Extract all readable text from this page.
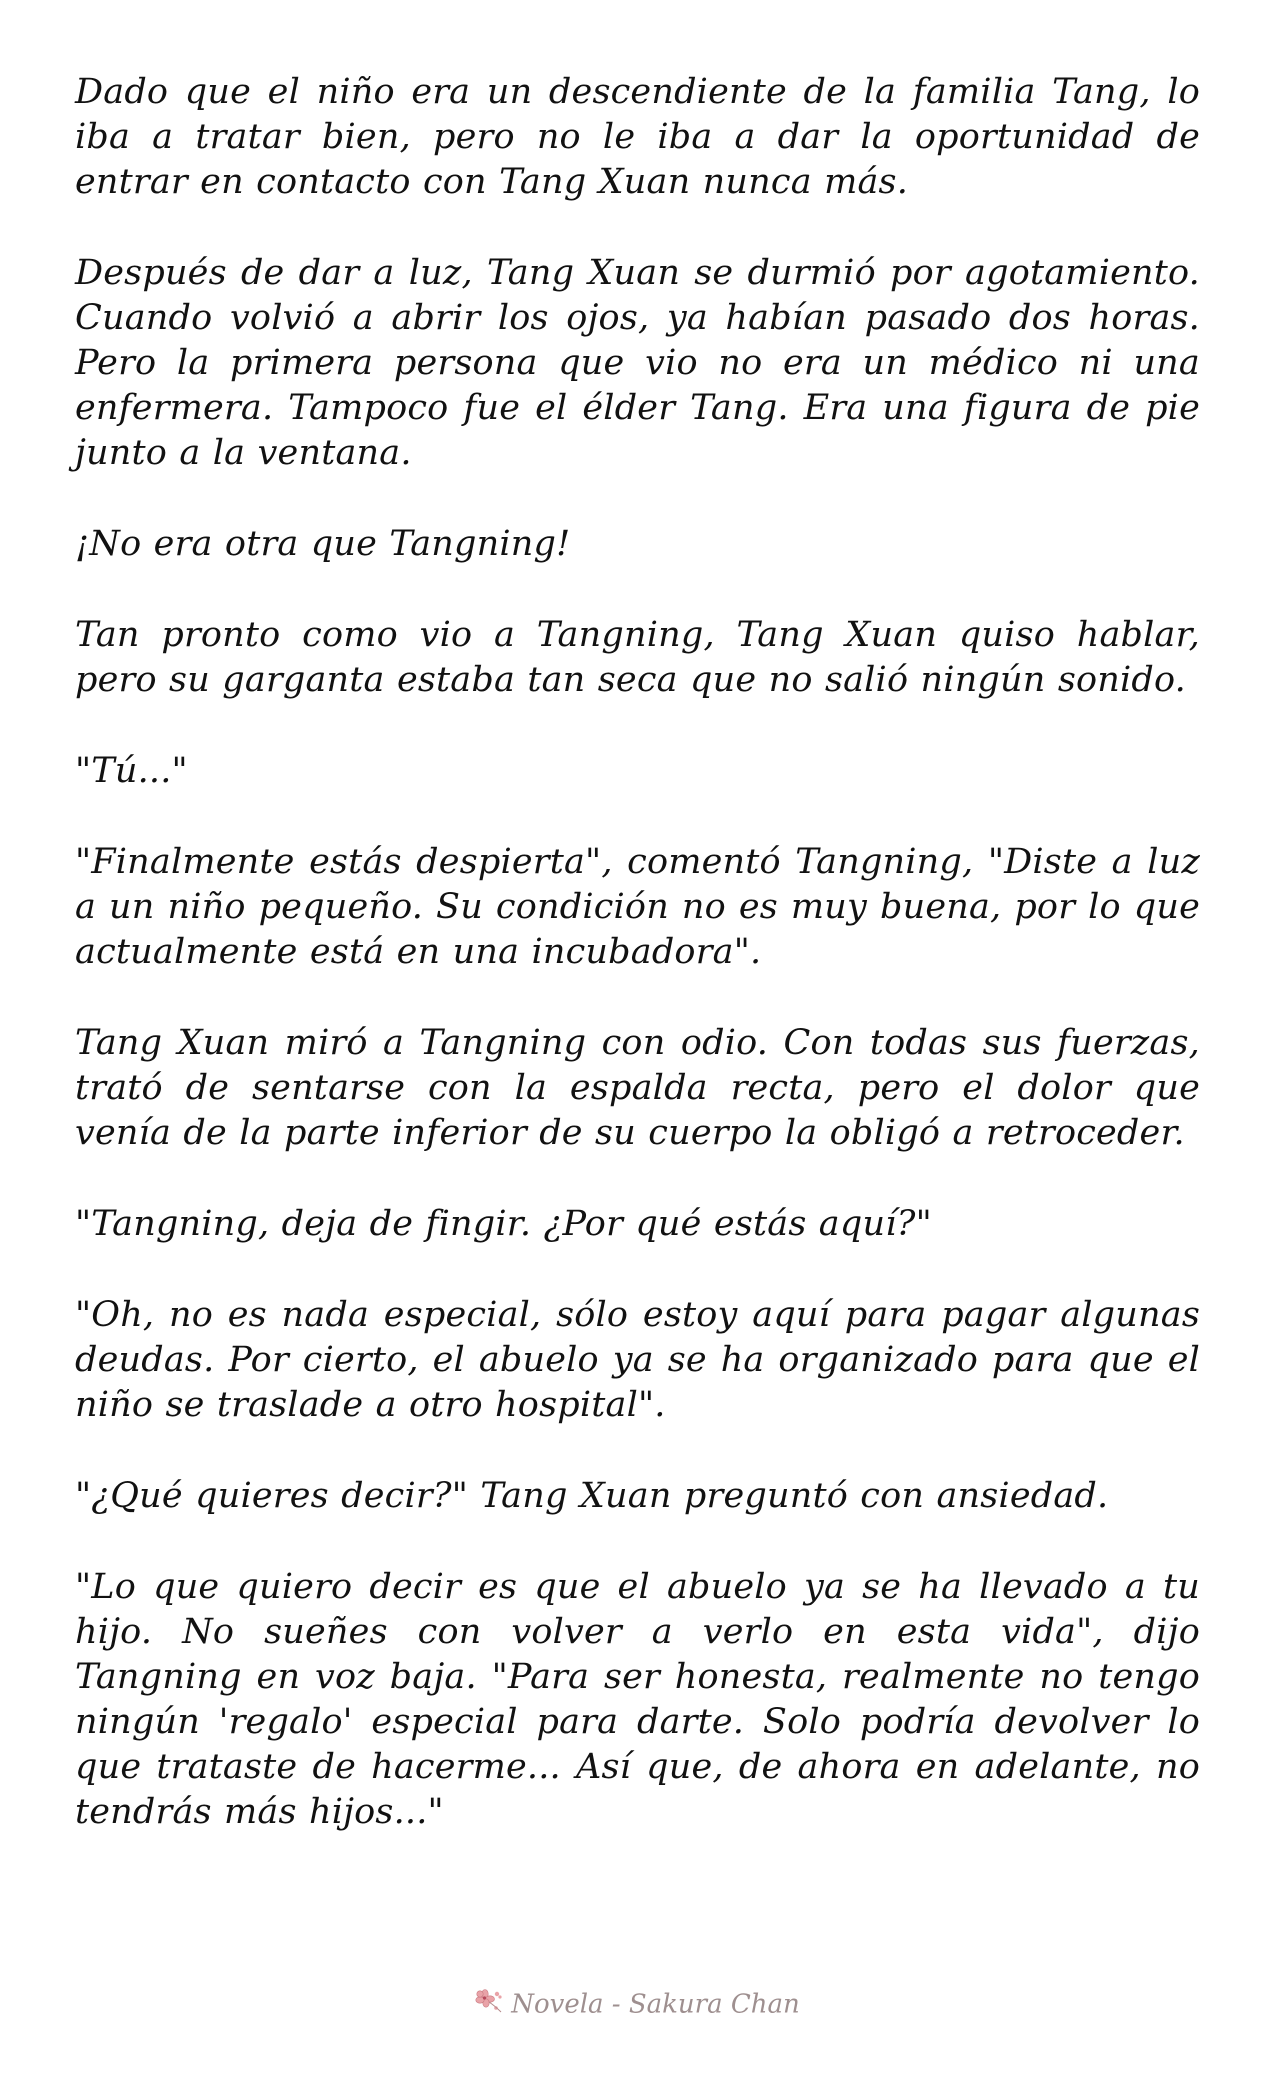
Dado que el niño era un descendiente de la familia Tang, lo iba a tratar bien, pero no le iba a dar la oportunidad de entrar en contacto con Tang Xuan nunca más.

Después de dar a luz, Tang Xuan se durmió por agotamiento. Cuando volvió a abrir los ojos, ya habían pasado dos horas. Pero la primera persona que vio no era un médico ni una enfermera. Tampoco fue el élder Tang. Era una figura de pie junto a la ventana.

¡No era otra que Tangning!

Tan pronto como vio a Tangning, Tang Xuan quiso hablar, pero su garganta estaba tan seca que no salió ningún sonido.

"Tú..."

"Finalmente estás despierta", comentó Tangning, "Diste a luz a un niño pequeño. Su condición no es muy buena, por lo que actualmente está en una incubadora".

Tang Xuan miró a Tangning con odio. Con todas sus fuerzas, trató de sentarse con la espalda recta, pero el dolor que venía de la parte inferior de su cuerpo la obligó a retroceder.

"Tangning, deja de fingir. ¿Por qué estás aquí?"

"Oh, no es nada especial, sólo estoy aquí para pagar algunas deudas. Por cierto, el abuelo ya se ha organizado para que el niño se traslade a otro hospital".

"¿Qué quieres decir?" Tang Xuan preguntó con ansiedad.

"Lo que quiero decir es que el abuelo ya se ha llevado a tu hijo. No sueñes con volver a verlo en esta vida", dijo Tangning en voz baja. "Para ser honesta, realmente no tengo ningún 'regalo' especial para darte. Solo podría devolver lo que trataste de hacerme... Así que, de ahora en adelante, no tendrás más hijos..."

Novela - Sakura Chan
